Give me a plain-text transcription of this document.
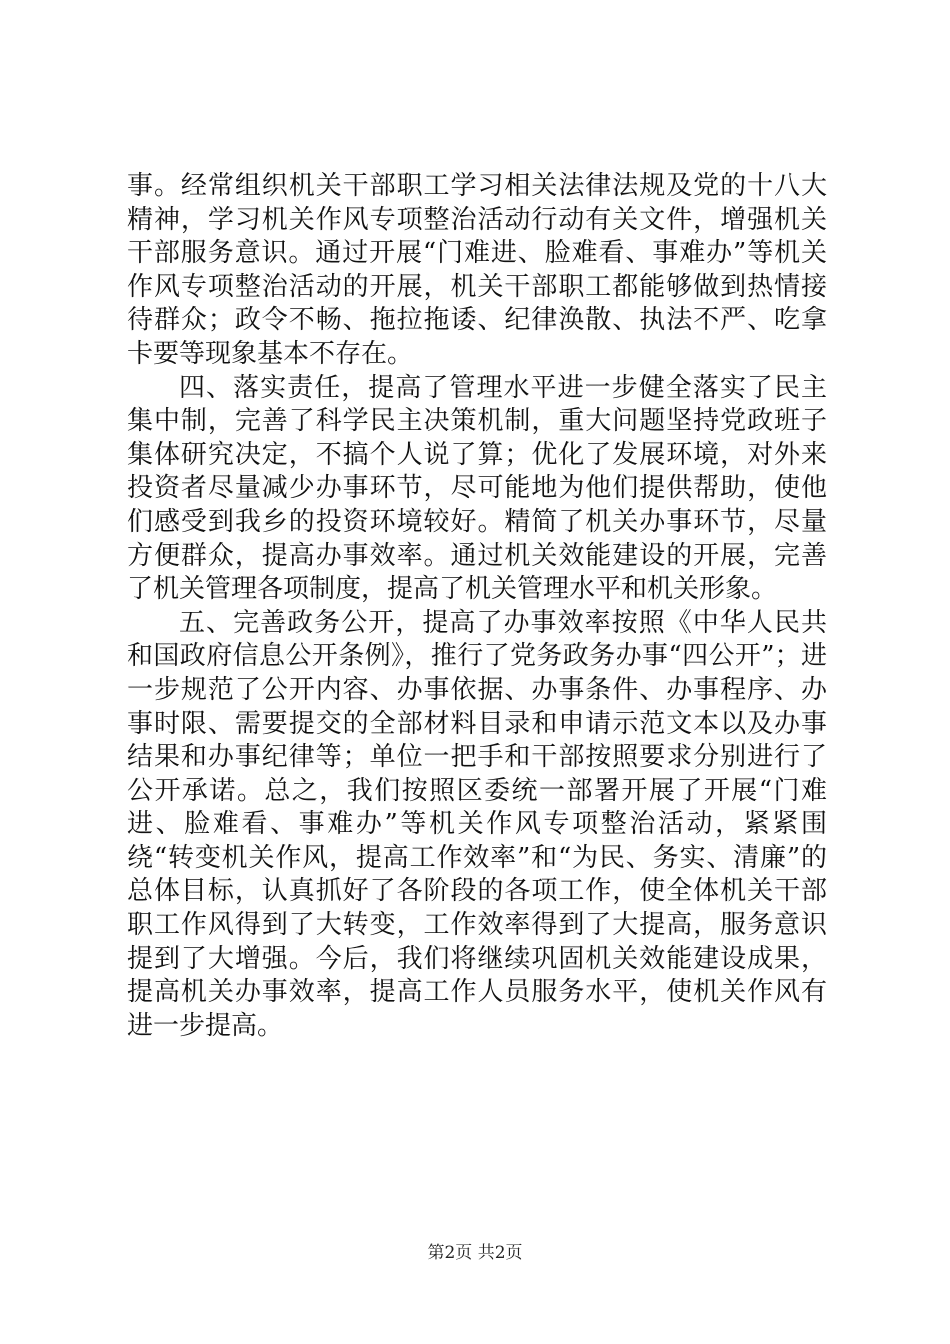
事。经常组织机关干部职工学习相关法律法规及党的十八大精神，学习机关作风专项整治活动行动有关文件，增强机关干部服务意识。通过开展“门难进、脸难看、事难办”等机关作风专项整治活动的开展，机关干部职工都能够做到热情接待群众；政令不畅、拖拉拖诿、纪律涣散、执法不严、吃拿卡要等现象基本不存在。

四、落实责任，提高了管理水平进一步健全落实了民主集中制，完善了科学民主决策机制，重大问题坚持党政班子集体研究决定，不搞个人说了算；优化了发展环境，对外来投资者尽量减少办事环节，尽可能地为他们提供帮助，使他们感受到我乡的投资环境较好。精简了机关办事环节，尽量方便群众，提高办事效率。通过机关效能建设的开展，完善了机关管理各项制度，提高了机关管理水平和机关形象。

五、完善政务公开，提高了办事效率按照《中华人民共和国政府信息公开条例》，推行了党务政务办事“四公开”；进一步规范了公开内容、办事依据、办事条件、办事程序、办事时限、需要提交的全部材料目录和申请示范文本以及办事结果和办事纪律等；单位一把手和干部按照要求分别进行了公开承诺。总之，我们按照区委统一部署开展了开展“门难进、脸难看、事难办”等机关作风专项整治活动，紧紧围绕“转变机关作风，提高工作效率”和“为民、务实、清廉”的总体目标，认真抓好了各阶段的各项工作，使全体机关干部职工作风得到了大转变，工作效率得到了大提高，服务意识提到了大增强。今后，我们将继续巩固机关效能建设成果，提高机关办事效率，提高工作人员服务水平，使机关作风有进一步提高。

第2页 共2页
